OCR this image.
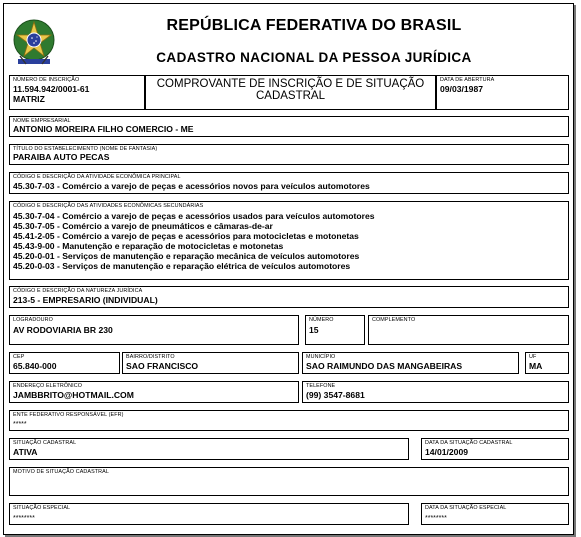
REPÚBLICA FEDERATIVA DO BRASIL
CADASTRO NACIONAL DA PESSOA JURÍDICA
NÚMERO DE INSCRIÇÃO
11.594.942/0001-61
MATRIZ
COMPROVANTE DE INSCRIÇÃO E DE SITUAÇÃO
CADASTRAL
DATA DE ABERTURA
09/03/1987
NOME EMPRESARIAL
ANTONIO MOREIRA FILHO COMERCIO - ME
TÍTULO DO ESTABELECIMENTO (NOME DE FANTASIA)
PARAIBA AUTO PECAS
CÓDIGO E DESCRIÇÃO DA ATIVIDADE ECONÔMICA PRINCIPAL
45.30-7-03 - Comércio a varejo de peças e acessórios novos para veículos automotores
CÓDIGO E DESCRIÇÃO DAS ATIVIDADES ECONÔMICAS SECUNDÁRIAS
45.30-7-04 - Comércio a varejo de peças e acessórios usados para veículos automotores
45.30-7-05 - Comércio a varejo de pneumáticos e câmaras-de-ar
45.41-2-05 - Comércio a varejo de peças e acessórios para motocicletas e motonetas
45.43-9-00 - Manutenção e reparação de motocicletas e motonetas
45.20-0-01 - Serviços de manutenção e reparação mecânica de veículos automotores
45.20-0-03 - Serviços de manutenção e reparação elétrica de veículos automotores
CÓDIGO E DESCRIÇÃO DA NATUREZA JURÍDICA
213-5 - EMPRESARIO (INDIVIDUAL)
LOGRADOURO
AV RODOVIARIA BR 230
NÚMERO
15
COMPLEMENTO
CEP
65.840-000
BAIRRO/DISTRITO
SAO FRANCISCO
MUNICÍPIO
SAO RAIMUNDO DAS MANGABEIRAS
UF
MA
ENDEREÇO ELETRÔNICO
JAMBBRITO@HOTMAIL.COM
TELEFONE
(99) 3547-8681
ENTE FEDERATIVO RESPONSÁVEL (EFR)
*****
SITUAÇÃO CADASTRAL
ATIVA
DATA DA SITUAÇÃO CADASTRAL
14/01/2009
MOTIVO DE SITUAÇÃO CADASTRAL
SITUAÇÃO ESPECIAL
********
DATA DA SITUAÇÃO ESPECIAL
********
